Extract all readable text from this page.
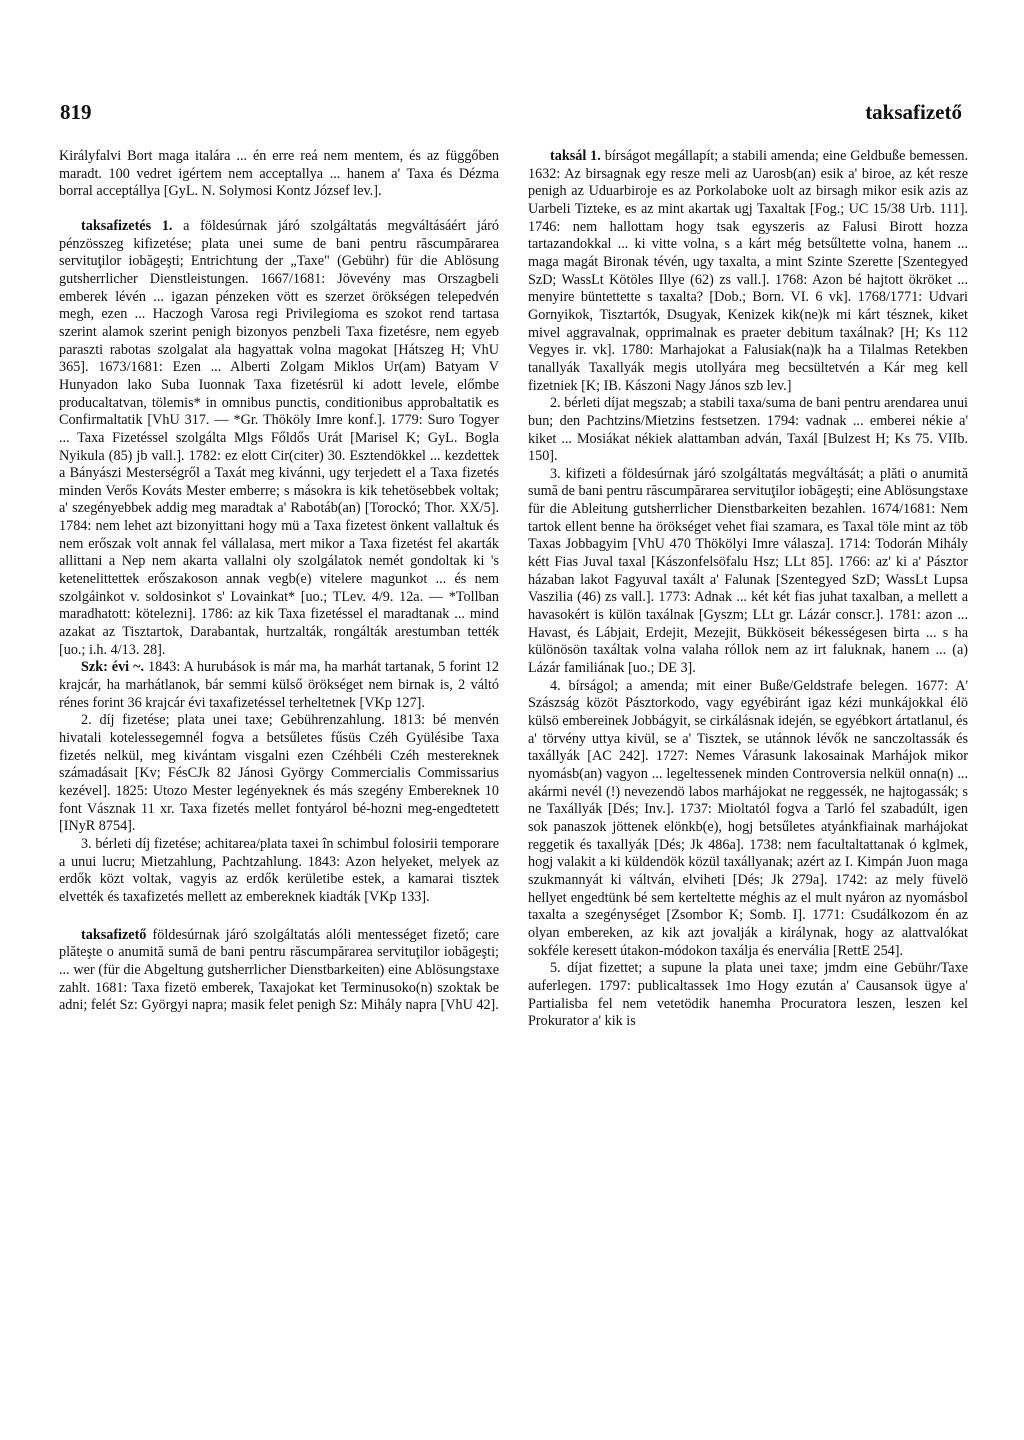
819	taksafizető

Királyfalvi Bort maga italára ... én erre reá nem mentem, és az függőben maradt. 100 vedret igértem nem acceptallya ... hanem a' Taxa és Dézma borral acceptállya [GyL. N. Solymosi Kontz József lev.].

taksafizetés 1. a földesúrnak járó szolgáltatás megváltásáért járó pénzösszeg kifizetése; plata unei sume de bani pentru răscumpărarea servituţilor iobăgeşti; Entrichtung der „Taxe" (Gebühr) für die Ablösung gutsherrlicher Dienstleistungen. 1667/1681: Jövevény mas Orszagbeli emberek lévén ... igazan pénzeken vött es szerzet örökségen telepedvén megh, ezen ... Haczogh Varosa regi Privilegioma es szokot rend tartasa szerint alamok szerint penigh bizonyos penzbeli Taxa fizetésre, nem egyeb paraszti rabotas szolgalat ala hagyattak volna magokat [Hátszeg H; VhU 365]. 1673/1681: Ezen ... Alberti Zolgam Miklos Ur(am) Batyam V Hunyadon lako Suba Iuonnak Taxa fizetésrül ki adott levele, előmbe producaltatvan, tölemis* in omnibus punctis, conditionibus approbaltatik es Confirmaltatik [VhU 317. — *Gr. Thököly Imre konf.]. 1779: Suro Togyer ... Taxa Fizetéssel szolgálta Mlgs Főldős Urát [Marisel K; GyL. Bogla Nyikula (85) jb vall.]. 1782: ez elott Cir(citer) 30. Esztendökkel ... kezdettek a Bányászi Mesterségről a Taxát meg kivánni, ugy terjedett el a Taxa fizetés minden Verős Kováts Mester emberre; s másokra is kik tehetösebbek voltak; a' szegényebbek addig meg maradtak a' Rabotáb(an) [Torockó; Thor. XX/5]. 1784: nem lehet azt bizonyittani hogy mü a Taxa fizetest önkent vallaltuk és nem erőszak volt annak fel vállalasa, mert mikor a Taxa fizetést fel akarták allittani a Nep nem akarta vallalni oly szolgálatok nemét gondoltak ki 's ketenelittettek erőszakoson annak vegb(e) vitelere magunkot ... és nem szolgáinkot v. soldosinkot s' Lovainkat* [uo.; TLev. 4/9. 12a. — *Tollban maradhatott: kötelezni]. 1786: az kik Taxa fizetéssel el maradtanak ... mind azakat az Tisztartok, Darabantak, hurtzalták, rongálták arestumban tették [uo.; i.h. 4/13. 28].

Szk: évi ~. 1843: A hurubások is már ma, ha marhát tartanak, 5 forint 12 krajcár, ha marhátlanok, bár semmi külső örökséget nem birnak is, 2 váltó rénes forint 36 krajcár évi taxafizetéssel terheltetnek [VKp 127].

2. díj fizetése; plata unei taxe; Gebührenzahlung. 1813: bé menvén hivatali kotelessegemnél fogva a betsűletes fűsüs Czéh Gyülésibe Taxa fizetés nelkül, meg kivántam visgalni ezen Czéhbéli Czéh mestereknek számadásait [Kv; FésCJk 82 Jánosi György Commercialis Commissarius kezével]. 1825: Utozo Mester legényeknek és más szegény Embereknek 10 font Vásznak 11 xr. Taxa fizetés mellet fontyárol bé-hozni meg-engedtetett [INyR 8754].

3. bérleti díj fizetése; achitarea/plata taxei în schimbul folosirii temporare a unui lucru; Mietzahlung, Pachtzahlung. 1843: Azon helyeket, melyek az erdők közt voltak, vagyis az erdők kerületibe estek, a kamarai tisztek elvették és taxafizetés mellett az embereknek kiadták [VKp 133].

taksafizető földesúrnak járó szolgáltatás alóli mentességet fizető; care plăteşte o anumită sumă de bani pentru răscumpărarea servituţilor iobăgeşti; ... wer (für die Abgeltung gutsherrlicher Dienstbarkeiten) eine Ablösungstaxe zahlt. 1681: Taxa fizetö emberek, Taxajokat ket Terminusoko(n) szoktak be adni; felét Sz: Györgyi napra; masik felet penigh Sz: Mihály napra [VhU 42].

taksál 1. bírságot megállapít; a stabili amenda; eine Geldbuße bemessen. 1632: Az birsagnak egy resze meli az Uarosb(an) esik a' biroe, az két resze penigh az Uduarbiroje es az Porkolaboke uolt az birsagh mikor esik azis az Uarbeli Tizteke, es az mint akartak ugj Taxaltak [Fog.; UC 15/38 Urb. 111]. 1746: nem hallottam hogy tsak egyszeris az Falusi Birott hozza tartazandokkal ... ki vitte volna, s a kárt még betsűltette volna, hanem ... maga magát Bironak tévén, ugy taxalta, a mint Szinte Szerette [Szentegyed SzD; WassLt Kötöles Illye (62) zs vall.]. 1768: Azon bé hajtott ökröket ... menyire büntettette s taxalta? [Dob.; Born. VI. 6 vk]. 1768/1771: Udvari Gornyikok, Tisztartók, Dsugyak, Kenizek kik(ne)k mi kárt tésznek, kiket mivel aggravalnak, opprimalnak es praeter debitum taxálnak? [H; Ks 112 Vegyes ir. vk]. 1780: Marhajokat a Falusiak(na)k ha a Tilalmas Retekben tanallyák Taxallyák megis utollyára meg becsültetvén a Kár meg kell fizetniek [K; IB. Kászoni Nagy János szb lev.]

2. bérleti díjat megszab; a stabili taxa/suma de bani pentru arendarea unui bun; den Pachtzins/Mietzins festsetzen. 1794: vadnak ... emberei nékie a' kiket ... Mosiákat nékiek alattamban adván, Taxál [Bulzest H; Ks 75. VIIb. 150].

3. kifizeti a földesúrnak járó szolgáltatás megváltását; a plăti o anumită sumă de bani pentru răscumpărarea servituţilor iobăgeşti; eine Ablösungstaxe für die Ableitung gutsherrlicher Dienstbarkeiten bezahlen. 1674/1681: Nem tartok ellent benne ha örökséget vehet fiai szamara, es Taxal töle mint az töb Taxas Jobbagyim [VhU 470 Thökölyi Imre válasza]. 1714: Todorán Mihály kétt Fias Juval taxal [Kászonfelsöfalu Hsz; LLt 85]. 1766: az' ki a' Pásztor házaban lakot Fagyuval taxált a' Falunak [Szentegyed SzD; WassLt Lupsa Vaszilia (46) zs vall.]. 1773: Adnak ... két két fias juhat taxalban, a mellett a havasokért is külön taxálnak [Gyszm; LLt gr. Lázár conscr.]. 1781: azon ... Havast, és Lábjait, Erdejit, Mezejit, Bükköseit békességesen birta ... s ha különösön taxáltak volna valaha róllok nem az irt faluknak, hanem ... (a) Lázár familiának [uo.; DE 3].

4. bírságol; a amenda; mit einer Buße/Geldstrafe belegen. 1677: A' Szászság közöt Pásztorkodo, vagy egyébiránt igaz kézi munkájokkal élö külsö embereinek Jobbágyit, se cirkálásnak idején, se egyébkort ártatlanul, és a' törvény uttya kivül, se a' Tisztek, se utánnok lévők ne sanczoltassák és taxállyák [AC 242]. 1727: Nemes Várasunk lakosainak Marhájok mikor nyomásb(an) vagyon ... legeltessenek minden Controversia nelkül onna(n) ... akármi nevél (!) nevezendö labos marhájokat ne reggessék, ne hajtogassák; s ne Taxállyák [Dés; Inv.]. 1737: Mioltatól fogva a Tarló fel szabadúlt, igen sok panaszok jöttenek elönkb(e), hogj betsűletes atyánkfiainak marhájokat reggetik és taxallyák [Dés; Jk 486a]. 1738: nem facultaltattanak ó kglmek, hogj valakit a ki küldendök közül taxállyanak; azért az I. Kimpán Juon maga szukmannyát ki váltván, elviheti [Dés; Jk 279a]. 1742: az mely füvelö hellyet engedtünk bé sem kerteltette méghis az el mult nyáron az nyomásbol taxalta a szegénységet [Zsombor K; Somb. I]. 1771: Csudálkozom én az olyan embereken, az kik azt jovalják a királynak, hogy az alattvalókat sokféle keresett útakon-módokon taxálja és enervália [RettE 254].

5. díjat fizettet; a supune la plata unei taxe; jmdm eine Gebühr/Taxe auferlegen. 1797: publicaltassek 1mo Hogy ezután a' Causansok ügye a' Partialisba fel nem vetetödik hanemha Procuratora leszen, leszen kel Prokurator a' kik is
